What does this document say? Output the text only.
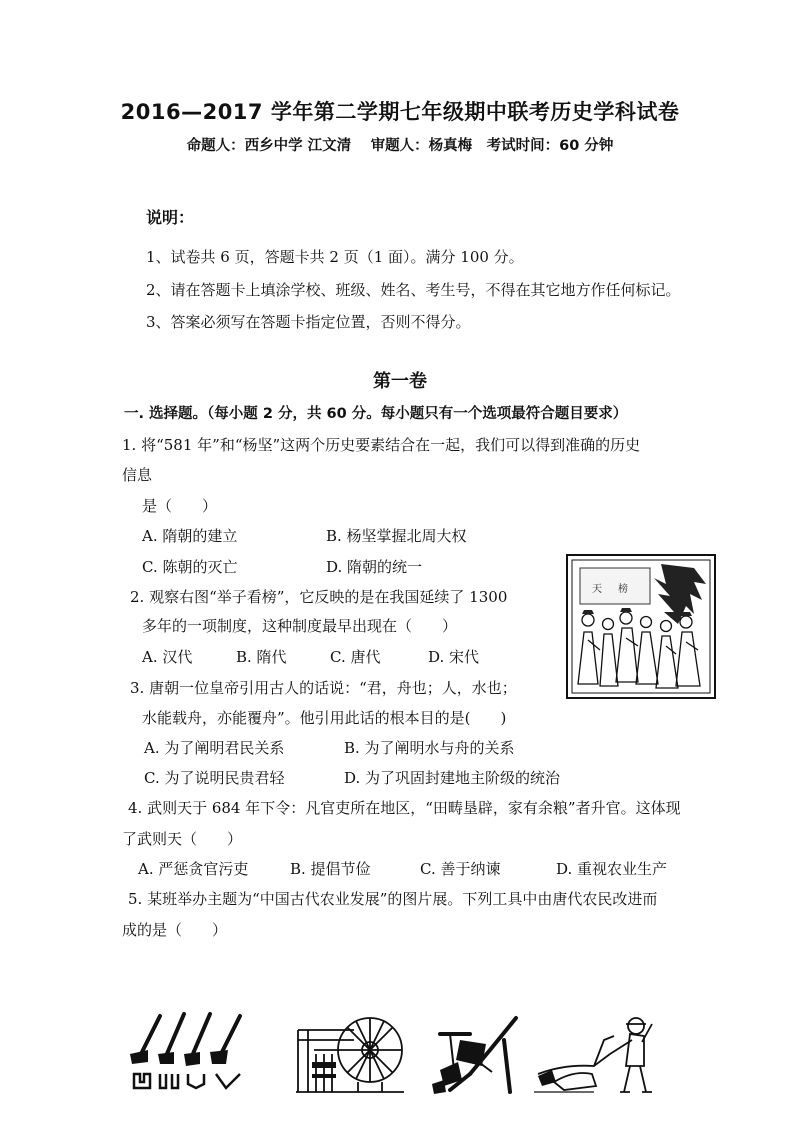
2016—2017 学年第二学期七年级期中联考历史学科试卷
命题人：西乡中学 江文清　 审题人：杨真梅　考试时间：60 分钟
说明：
1、试卷共 6 页，答题卡共 2 页（1 面）。满分 100 分。
2、请在答题卡上填涂学校、班级、姓名、考生号，不得在其它地方作任何标记。
3、答案必须写在答题卡指定位置，否则不得分。
第一卷
一. 选择题。（每小题 2 分，共 60 分。每小题只有一个选项最符合题目要求）
1. 将“581 年”和“杨坚”这两个历史要素结合在一起，我们可以得到准确的历史
信息
是（　　）
A. 隋朝的建立	B. 杨坚掌握北周大权
C. 陈朝的灭亡	D. 隋朝的统一
2. 观察右图“举子看榜”，它反映的是在我国延续了 1300
多年的一项制度，这种制度最早出现在（　　）
A. 汉代	B. 隋代	C. 唐代	D. 宋代
天 榜
3. 唐朝一位皇帝引用古人的话说：“君，舟也；人，水也；
水能载舟，亦能覆舟”。他引用此话的根本目的是(　　)
A. 为了阐明君民关系	B. 为了阐明水与舟的关系
C. 为了说明民贵君轻	D. 为了巩固封建地主阶级的统治
4. 武则天于 684 年下令：凡官吏所在地区，“田畴垦辟，家有余粮”者升官。这体现
了武则天（　　）
A. 严惩贪官污吏	B. 提倡节俭	C. 善于纳谏	D. 重视农业生产
5. 某班举办主题为“中国古代农业发展”的图片展。下列工具中由唐代农民改进而
成的是（　　）
